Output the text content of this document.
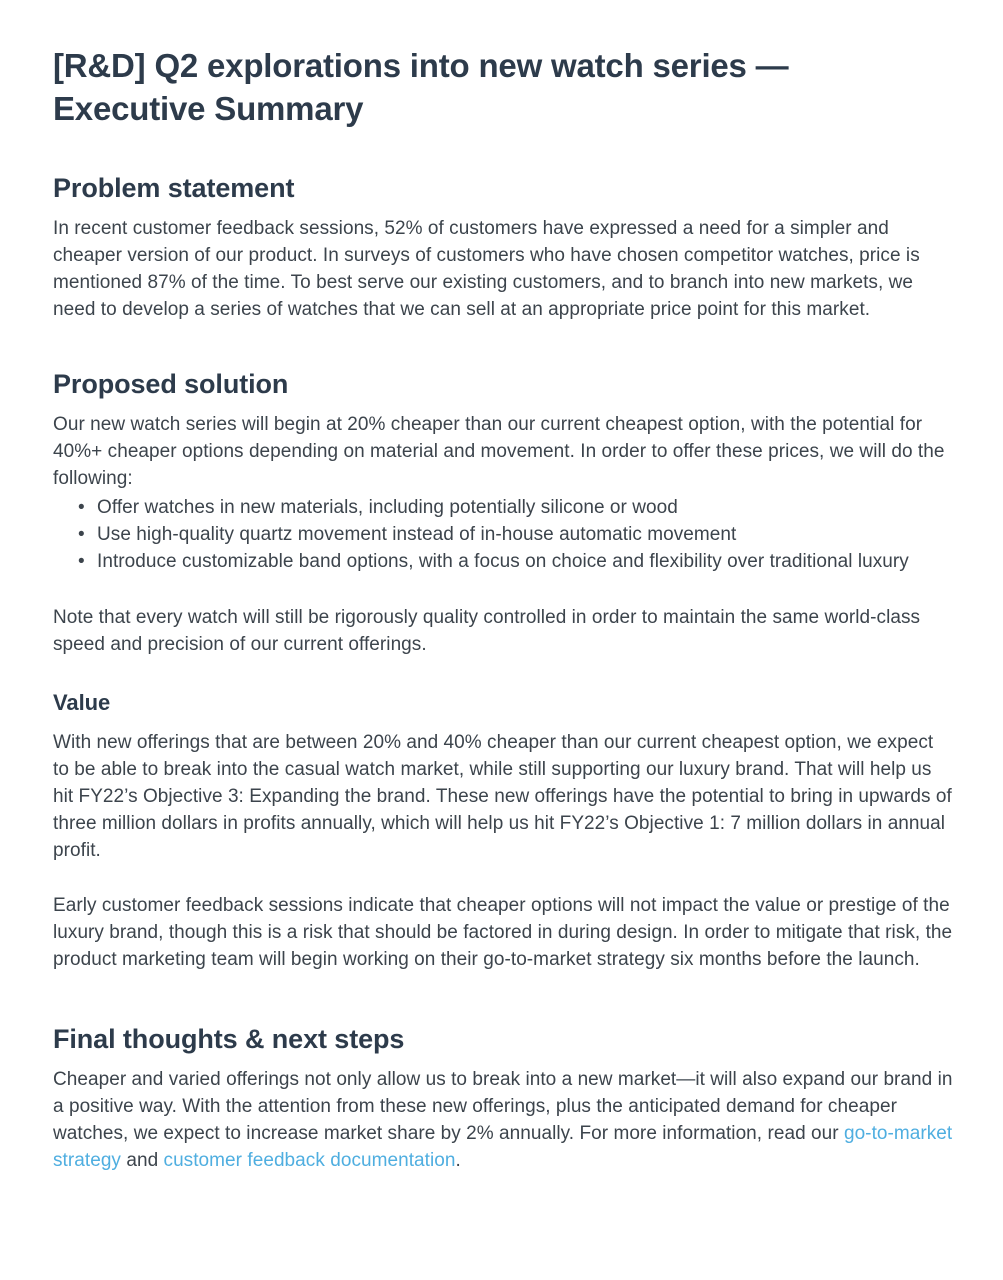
[R&D] Q2 explorations into new watch series — Executive Summary
Problem statement

In recent customer feedback sessions, 52% of customers have expressed a need for a simpler and cheaper version of our product. In surveys of customers who have chosen competitor watches, price is mentioned 87% of the time. To best serve our existing customers, and to branch into new markets, we need to develop a series of watches that we can sell at an appropriate price point for this market.

Proposed solution

Our new watch series will begin at 20% cheaper than our current cheapest option, with the potential for 40%+ cheaper options depending on material and movement. In order to offer these prices, we will do the following:

• Offer watches in new materials, including potentially silicone or wood
• Use high-quality quartz movement instead of in-house automatic movement
• Introduce customizable band options, with a focus on choice and flexibility over traditional luxury

Note that every watch will still be rigorously quality controlled in order to maintain the same world-class speed and precision of our current offerings.

Value

With new offerings that are between 20% and 40% cheaper than our current cheapest option, we expect to be able to break into the casual watch market, while still supporting our luxury brand. That will help us hit FY22’s Objective 3: Expanding the brand. These new offerings have the potential to bring in upwards of three million dollars in profits annually, which will help us hit FY22’s Objective 1: 7 million dollars in annual profit.

Early customer feedback sessions indicate that cheaper options will not impact the value or prestige of the luxury brand, though this is a risk that should be factored in during design. In order to mitigate that risk, the product marketing team will begin working on their go-to-market strategy six months before the launch.

Final thoughts & next steps

Cheaper and varied offerings not only allow us to break into a new market—it will also expand our brand in a positive way. With the attention from these new offerings, plus the anticipated demand for cheaper watches, we expect to increase market share by 2% annually. For more information, read our go-to-market strategy and customer feedback documentation.
